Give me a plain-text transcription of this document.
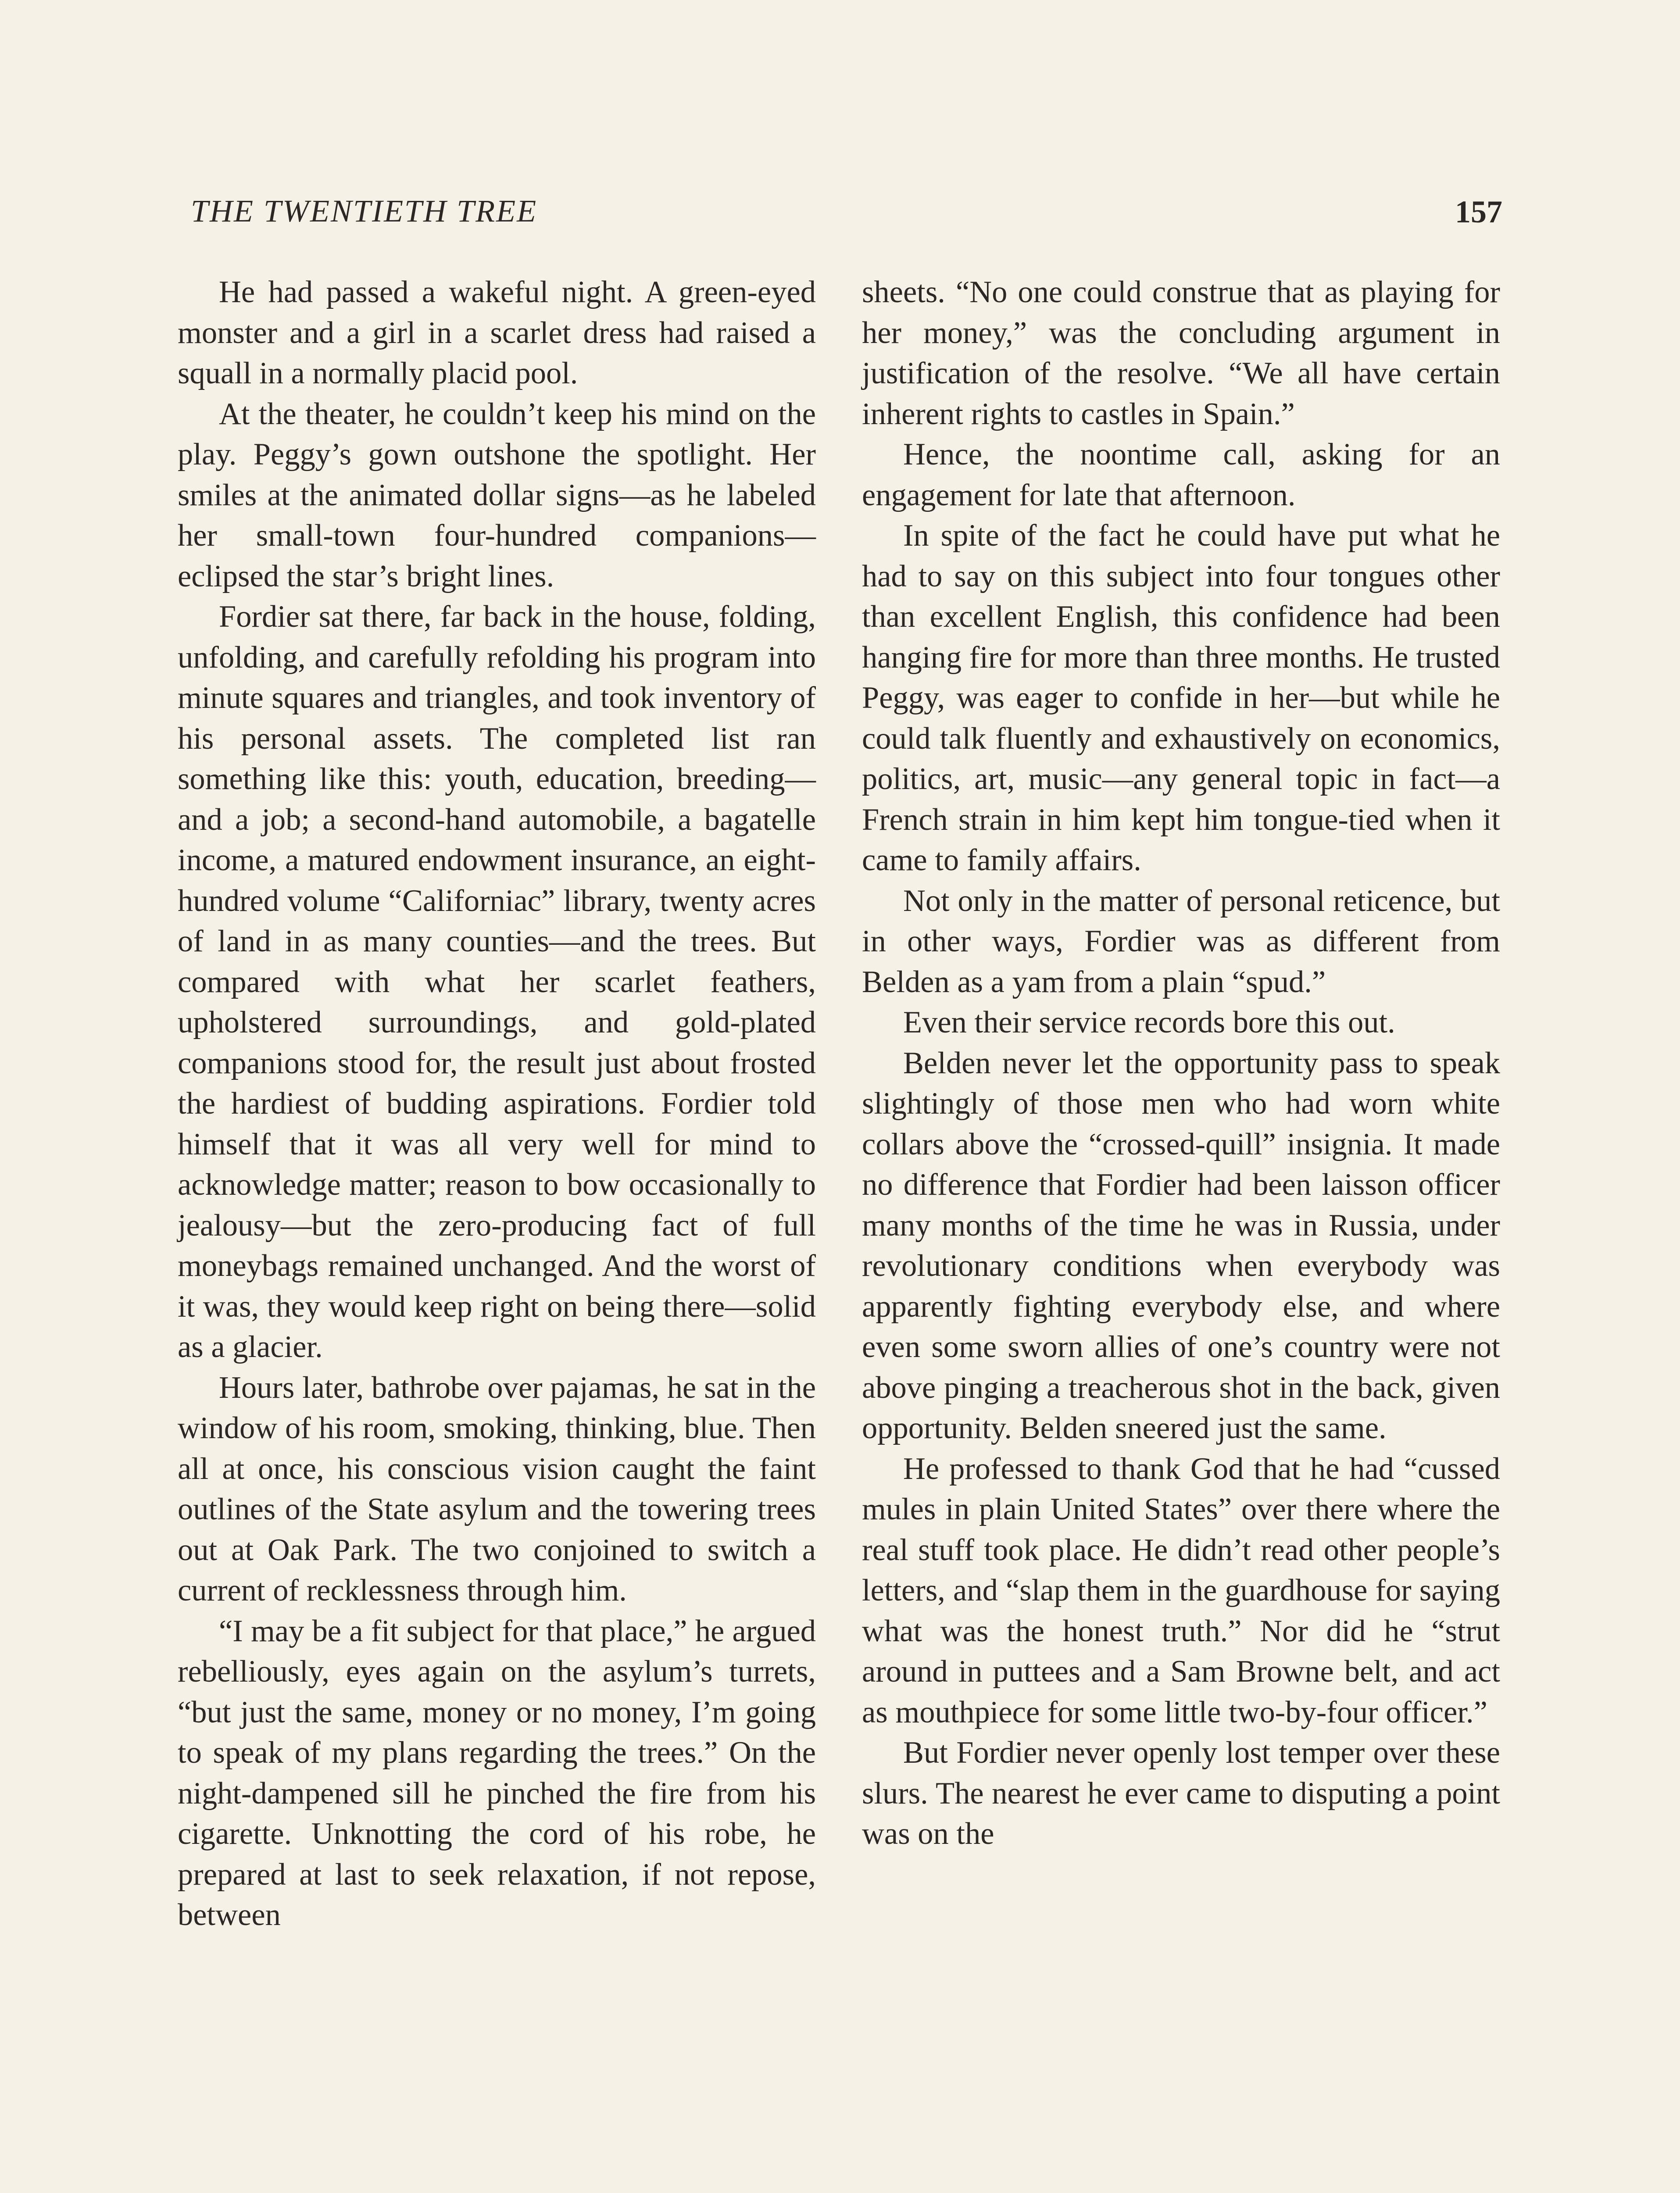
THE TWENTIETH TREE	157

He had passed a wakeful night. A green-eyed monster and a girl in a scarlet dress had raised a squall in a normally placid pool.

At the theater, he couldn’t keep his mind on the play. Peggy’s gown outshone the spotlight. Her smiles at the animated dollar signs—as he labeled her small-town four-hundred companions—eclipsed the star’s bright lines.

Fordier sat there, far back in the house, folding, unfolding, and carefully refolding his program into minute squares and triangles, and took inventory of his personal assets. The completed list ran something like this: youth, education, breeding—and a job; a second-hand automobile, a bagatelle income, a matured endowment insurance, an eight-hundred volume “Californiac” library, twenty acres of land in as many counties—and the trees. But compared with what her scarlet feathers, upholstered surroundings, and gold-plated companions stood for, the result just about frosted the hardiest of budding aspirations. Fordier told himself that it was all very well for mind to acknowledge matter; reason to bow occasionally to jealousy—but the zero-producing fact of full moneybags remained unchanged. And the worst of it was, they would keep right on being there—solid as a glacier.

Hours later, bathrobe over pajamas, he sat in the window of his room, smoking, thinking, blue. Then all at once, his conscious vision caught the faint outlines of the State asylum and the towering trees out at Oak Park. The two conjoined to switch a current of recklessness through him.

“I may be a fit subject for that place,” he argued rebelliously, eyes again on the asylum’s turrets, “but just the same, money or no money, I’m going to speak of my plans regarding the trees.” On the night-dampened sill he pinched the fire from his cigarette. Unknotting the cord of his robe, he prepared at last to seek relaxation, if not repose, between

sheets. “No one could construe that as playing for her money,” was the concluding argument in justification of the resolve. “We all have certain inherent rights to castles in Spain.”

Hence, the noontime call, asking for an engagement for late that afternoon.

In spite of the fact he could have put what he had to say on this subject into four tongues other than excellent English, this confidence had been hanging fire for more than three months. He trusted Peggy, was eager to confide in her—but while he could talk fluently and exhaustively on economics, politics, art, music—any general topic in fact—a French strain in him kept him tongue-tied when it came to family affairs.

Not only in the matter of personal reticence, but in other ways, Fordier was as different from Belden as a yam from a plain “spud.”

Even their service records bore this out.

Belden never let the opportunity pass to speak slightingly of those men who had worn white collars above the “crossed-quill” insignia. It made no difference that Fordier had been laisson officer many months of the time he was in Russia, under revolutionary conditions when everybody was apparently fighting everybody else, and where even some sworn allies of one’s country were not above pinging a treacherous shot in the back, given opportunity. Belden sneered just the same.

He professed to thank God that he had “cussed mules in plain United States” over there where the real stuff took place. He didn’t read other people’s letters, and “slap them in the guardhouse for saying what was the honest truth.” Nor did he “strut around in puttees and a Sam Browne belt, and act as mouthpiece for some little two-by-four officer.”

But Fordier never openly lost temper over these slurs. The nearest he ever came to disputing a point was on the
